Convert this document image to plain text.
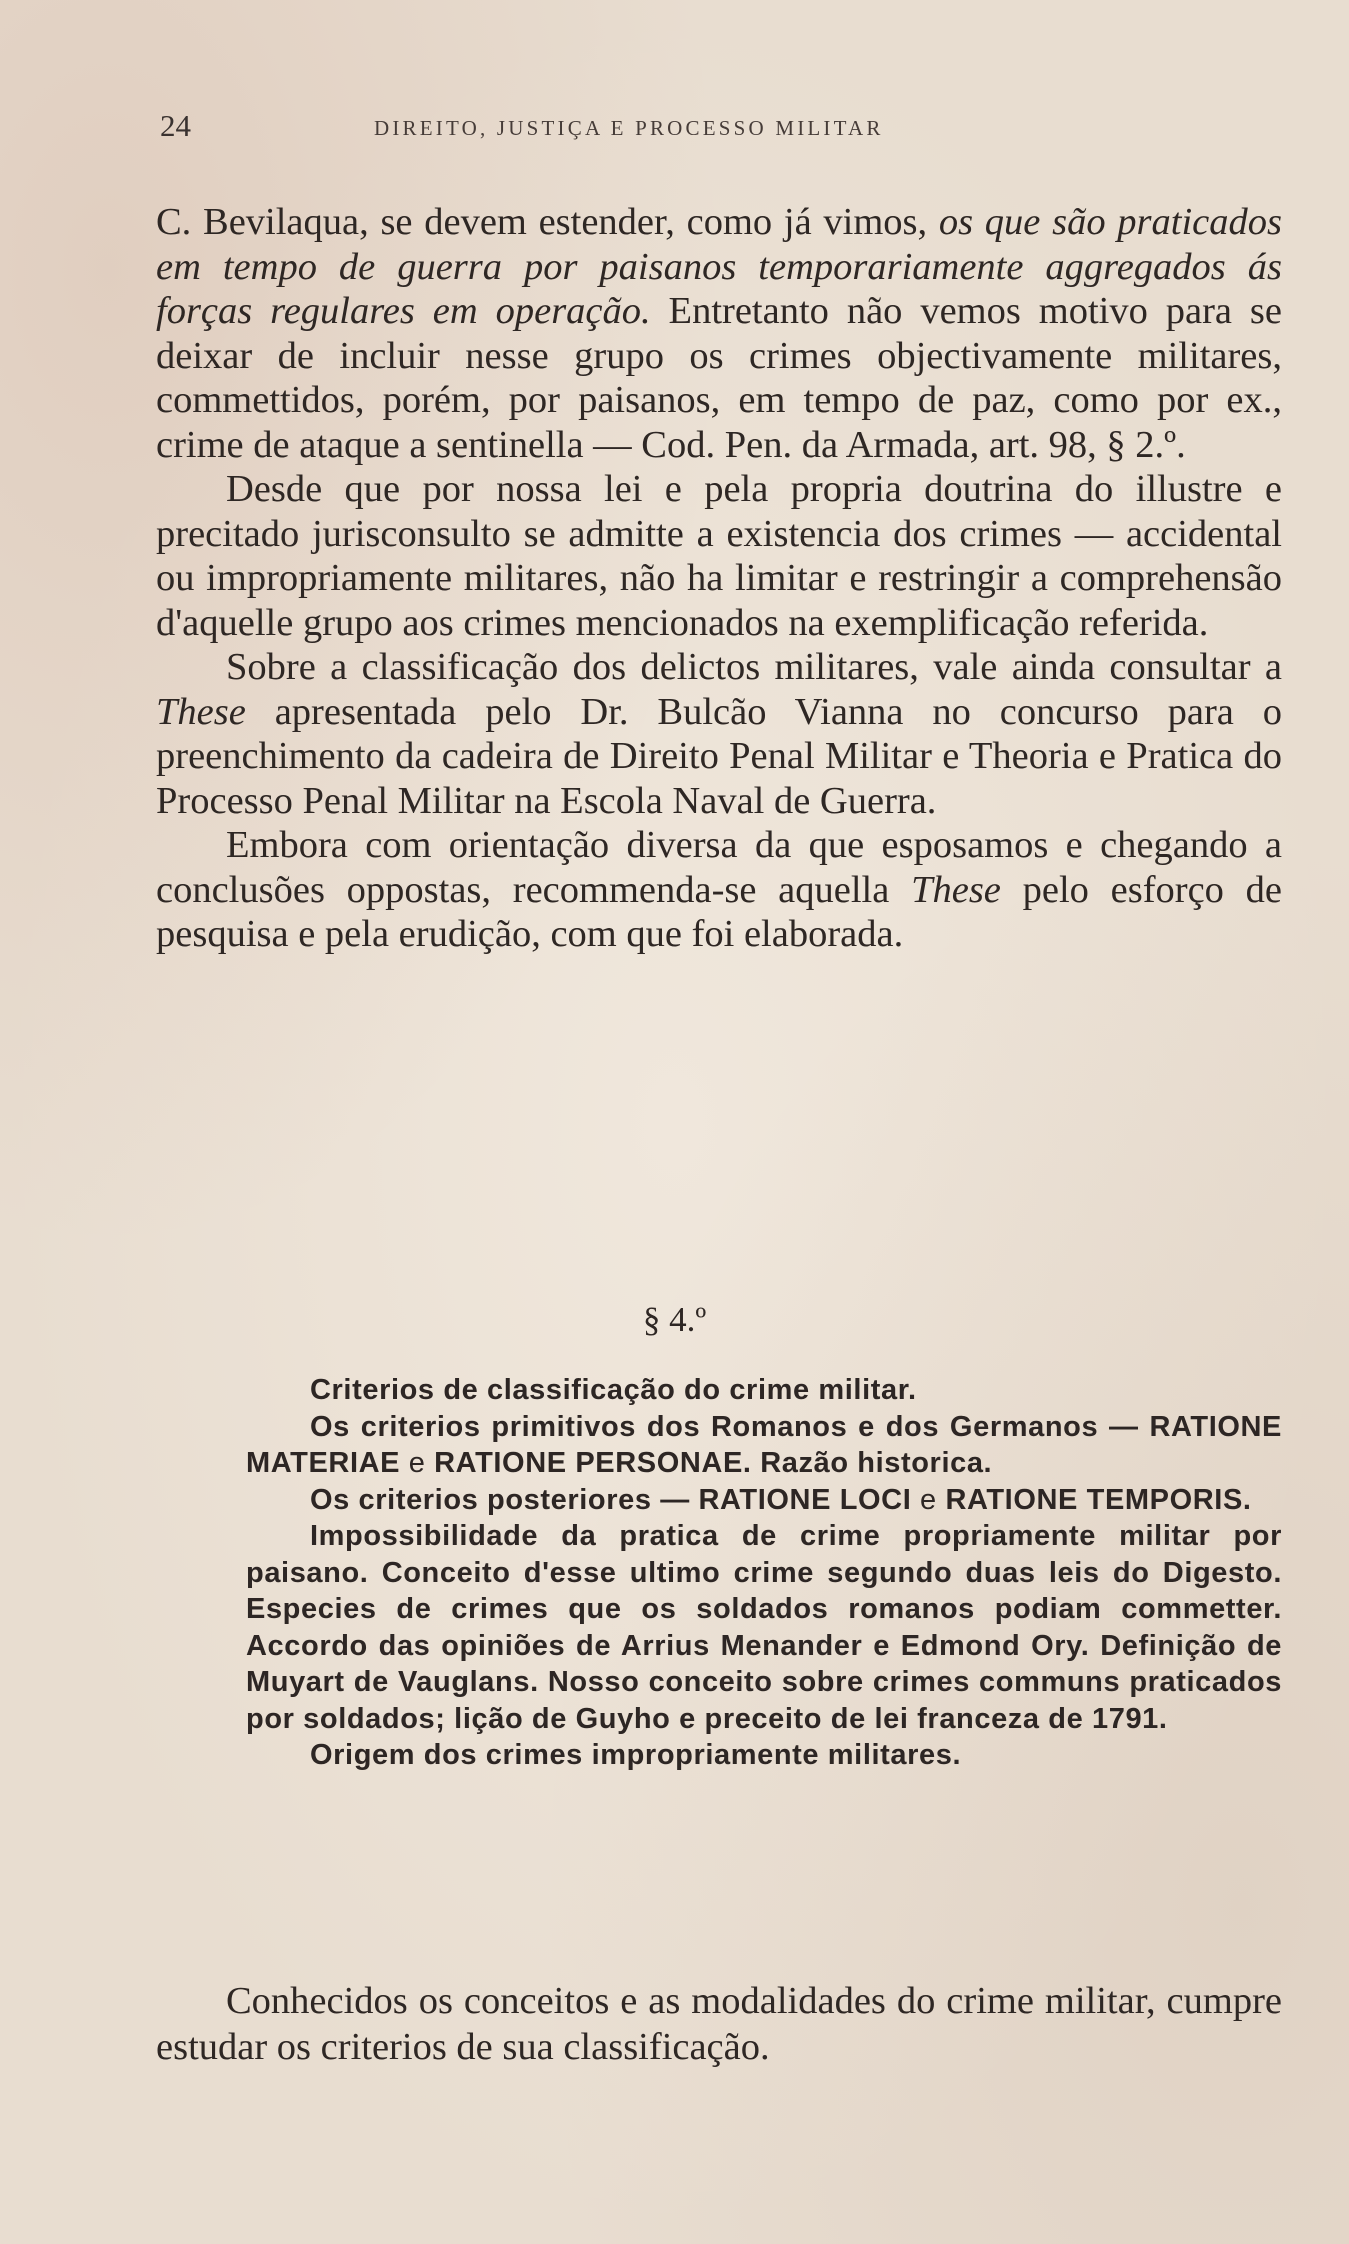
24	DIREITO, JUSTIÇA E PROCESSO MILITAR

C. Bevilaqua, se devem estender, como já vimos, os que são praticados em tempo de guerra por paisanos temporariamente aggregados ás forças regulares em operação. Entretanto não vemos motivo para se deixar de incluir nesse grupo os crimes objectivamente militares, commettidos, porém, por paisanos, em tempo de paz, como por ex., crime de ataque a sentinella — Cod. Pen. da Armada, art. 98, § 2.º.

Desde que por nossa lei e pela propria doutrina do illustre e precitado jurisconsulto se admitte a existencia dos crimes — accidental ou impropriamente militares, não ha limitar e restringir a comprehensão d'aquelle grupo aos crimes mencionados na exemplificação referida.

Sobre a classificação dos delictos militares, vale ainda consultar a These apresentada pelo Dr. Bulcão Vianna no concurso para o preenchimento da cadeira de Direito Penal Militar e Theoria e Pratica do Processo Penal Militar na Escola Naval de Guerra.

Embora com orientação diversa da que esposamos e chegando a conclusões oppostas, recommenda-se aquella These pelo esforço de pesquisa e pela erudição, com que foi elaborada.

§ 4.º

Criterios de classificação do crime militar.

Os criterios primitivos dos Romanos e dos Germanos — RATIONE MATERIAE e RATIONE PERSONAE. Razão historica.

Os criterios posteriores — RATIONE LOCI e RATIONE TEMPORIS.

Impossibilidade da pratica de crime propriamente militar por paisano. Conceito d'esse ultimo crime segundo duas leis do Digesto. Especies de crimes que os soldados romanos podiam commetter. Accordo das opiniões de Arrius Menander e Edmond Ory. Definição de Muyart de Vauglans. Nosso conceito sobre crimes communs praticados por soldados; lição de Guyho e preceito de lei franceza de 1791.

Origem dos crimes impropriamente militares.

Conhecidos os conceitos e as modalidades do crime militar, cumpre estudar os criterios de sua classificação.
